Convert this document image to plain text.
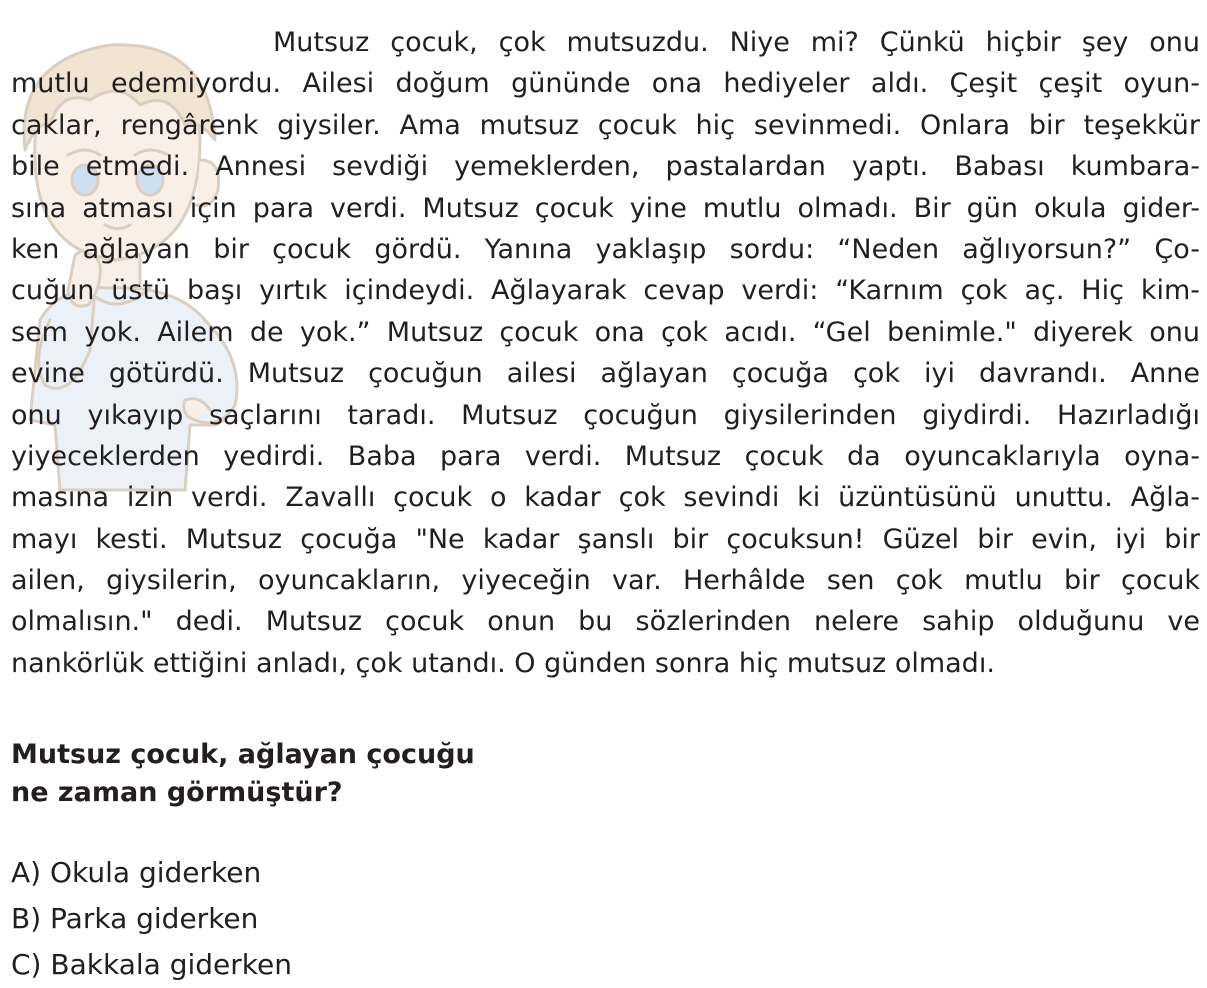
Mutsuz çocuk, çok mutsuzdu. Niye mi? Çünkü hiçbir şey onu
mutlu edemiyordu. Ailesi doğum gününde ona hediyeler aldı. Çeşit çeşit oyun-
caklar, rengârenk giysiler. Ama mutsuz çocuk hiç sevinmedi. Onlara bir teşekkür
bile etmedi. Annesi sevdiği yemeklerden, pastalardan yaptı. Babası kumbara-
sına atması için para verdi. Mutsuz çocuk yine mutlu olmadı. Bir gün okula gider-
ken ağlayan bir çocuk gördü. Yanına yaklaşıp sordu: “Neden ağlıyorsun?” Ço-
cuğun üstü başı yırtık içindeydi. Ağlayarak cevap verdi: “Karnım çok aç. Hiç kim-
sem yok. Ailem de yok.” Mutsuz çocuk ona çok acıdı. “Gel benimle." diyerek onu
evine götürdü. Mutsuz çocuğun ailesi ağlayan çocuğa çok iyi davrandı. Anne
onu yıkayıp saçlarını taradı. Mutsuz çocuğun giysilerinden giydirdi. Hazırladığı
yiyeceklerden yedirdi. Baba para verdi. Mutsuz çocuk da oyuncaklarıyla oyna-
masına izin verdi. Zavallı çocuk o kadar çok sevindi ki üzüntüsünü unuttu. Ağla-
mayı kesti. Mutsuz çocuğa "Ne kadar şanslı bir çocuksun! Güzel bir evin, iyi bir
ailen, giysilerin, oyuncakların, yiyeceğin var. Herhâlde sen çok mutlu bir çocuk
olmalısın." dedi. Mutsuz çocuk onun bu sözlerinden nelere sahip olduğunu ve
nankörlük ettiğini anladı, çok utandı. O günden sonra hiç mutsuz olmadı.
Mutsuz çocuk, ağlayan çocuğu
ne zaman görmüştür?
A) Okula giderken
B) Parka giderken
C) Bakkala giderken
